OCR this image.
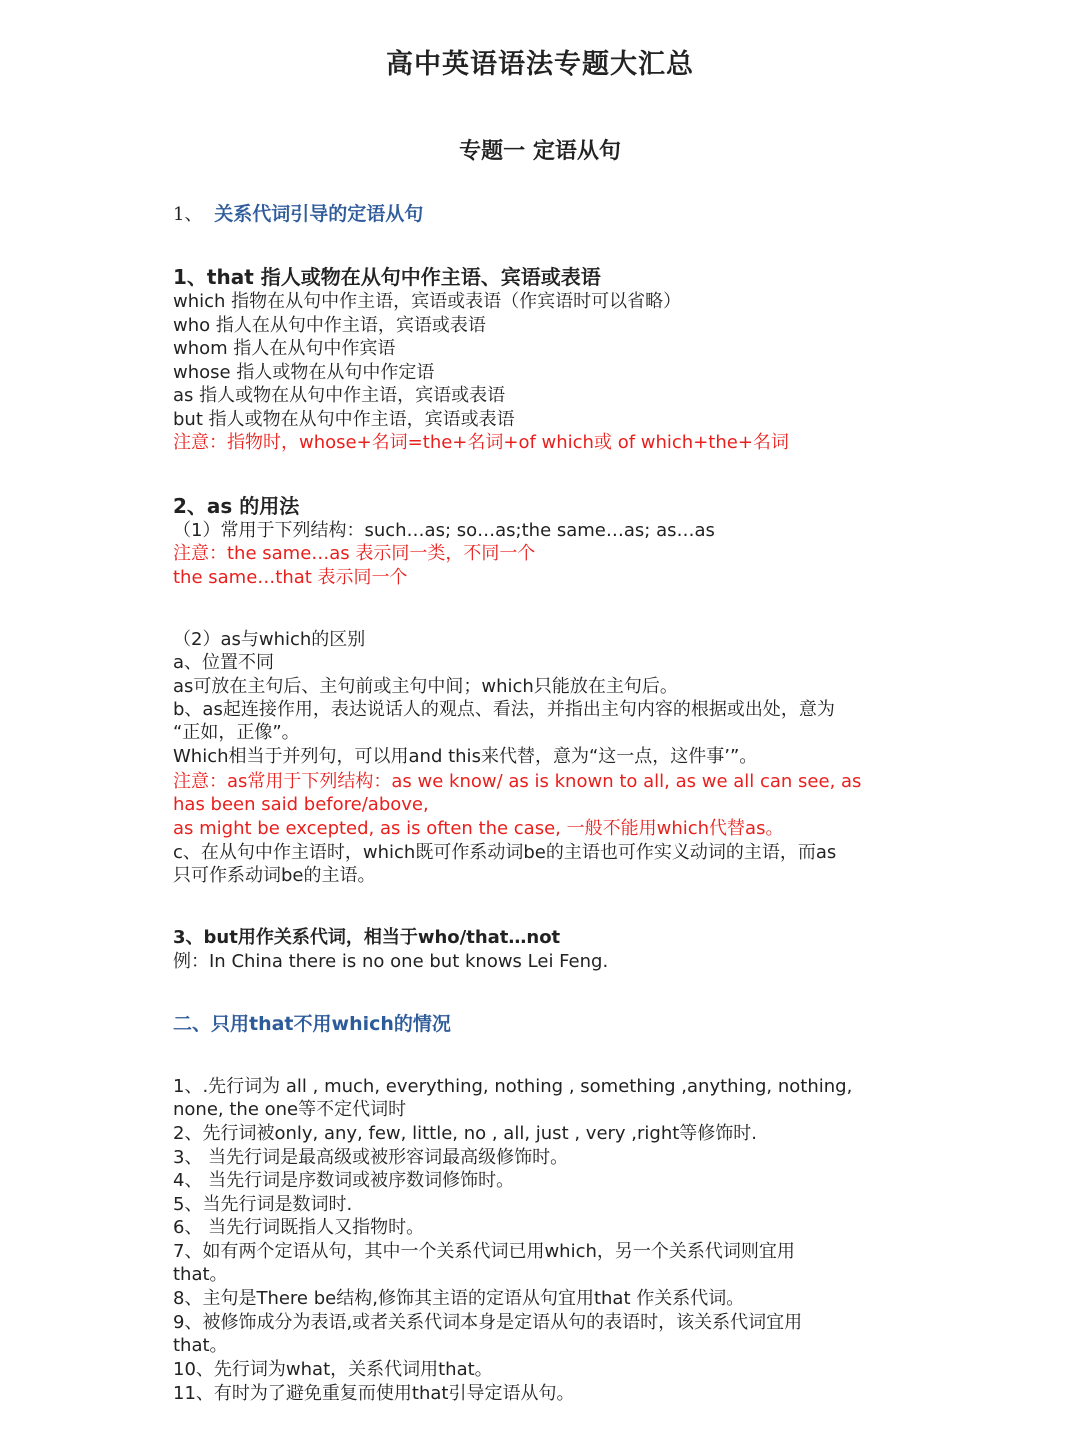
高中英语语法专题大汇总
专题一 定语从句
1、 关系代词引导的定语从句
1、that 指人或物在从句中作主语、宾语或表语
which 指物在从句中作主语，宾语或表语（作宾语时可以省略）
who 指人在从句中作主语，宾语或表语
whom 指人在从句中作宾语
whose 指人或物在从句中作定语
as 指人或物在从句中作主语，宾语或表语
but 指人或物在从句中作主语，宾语或表语
注意：指物时，whose+名词=the+名词+of which或 of which+the+名词
2、as 的用法
（1）常用于下列结构：such…as; so…as;the same…as; as…as
注意：the same…as 表示同一类，不同一个
the same…that 表示同一个
（2）as与which的区别
a、位置不同
as可放在主句后、主句前或主句中间；which只能放在主句后。
b、as起连接作用，表达说话人的观点、看法，并指出主句内容的根据或出处，意为
“正如，正像”。
Which相当于并列句，可以用and this来代替，意为“这一点，这件事’”。
注意：as常用于下列结构：as we know/ as is known to all, as we all can see, as
has been said before/above,
as might be excepted, as is often the case, 一般不能用which代替as。
c、在从句中作主语时，which既可作系动词be的主语也可作实义动词的主语，而as
只可作系动词be的主语。
3、but用作关系代词，相当于who/that…not
例：In China there is no one but knows Lei Feng.
二、只用that不用which的情况
1、.先行词为 all , much, everything, nothing , something ,anything, nothing,
none, the one等不定代词时
2、先行词被only, any, few, little, no , all, just , very ,right等修饰时.
3、 当先行词是最高级或被形容词最高级修饰时。
4、 当先行词是序数词或被序数词修饰时。
5、当先行词是数词时.
6、 当先行词既指人又指物时。
7、如有两个定语从句，其中一个关系代词已用which，另一个关系代词则宜用
that。
8、主句是There be结构,修饰其主语的定语从句宜用that 作关系代词。
9、被修饰成分为表语,或者关系代词本身是定语从句的表语时，该关系代词宜用
that。
10、先行词为what，关系代词用that。
11、有时为了避免重复而使用that引导定语从句。
